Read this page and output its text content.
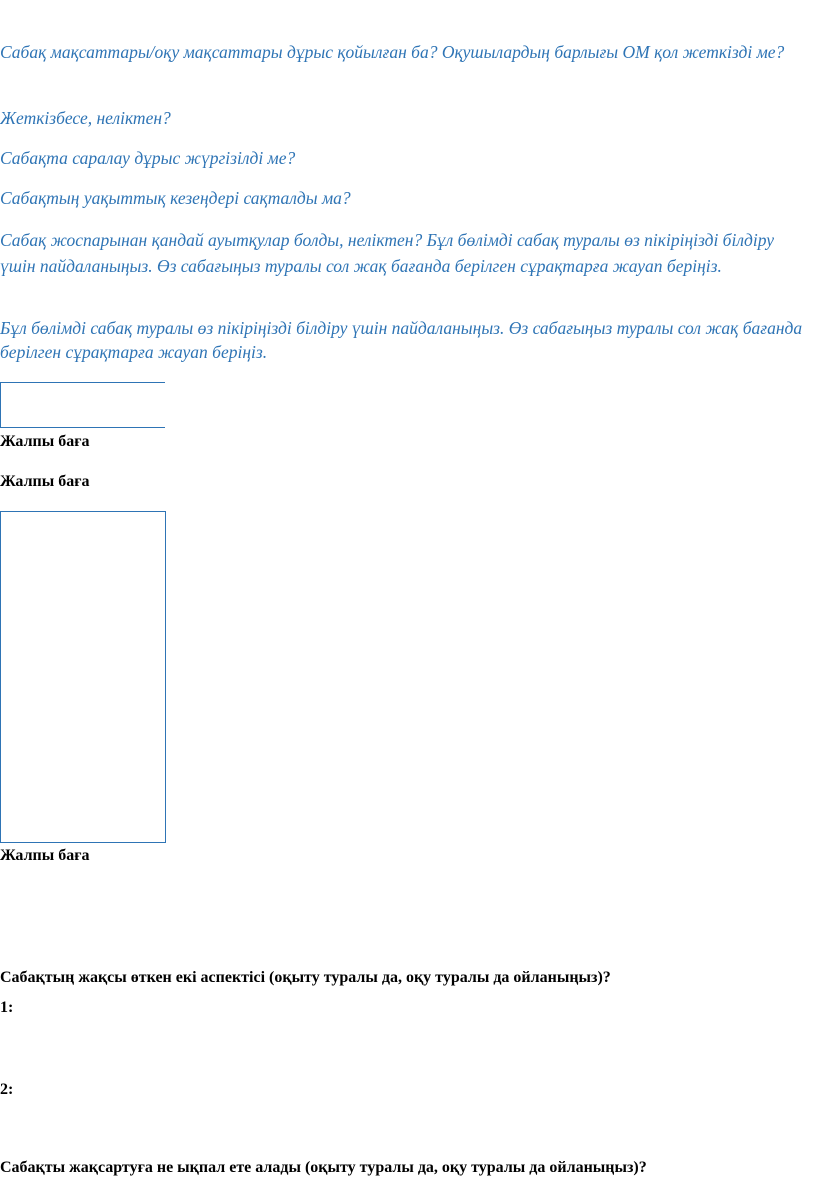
Сабақ мақсаттары/оқу мақсаттары дұрыс қойылған ба? Оқушылардың барлығы ОМ қол жеткізді ме?

Жеткізбесе, неліктен?

Сабақта саралау дұрыс жүргізілді ме?

Сабақтың уақыттық кезеңдері сақталды ма?

Сабақ жоспарынан қандай ауытқулар болды, неліктен? Бұл бөлімді сабақ туралы өз пікіріңізді білдіру үшін пайдаланыңыз. Өз сабағыңыз туралы сол жақ бағанда берілген сұрақтарға жауап беріңіз.

Бұл бөлімді сабақ туралы өз пікіріңізді білдіру үшін пайдаланыңыз. Өз сабағыңыз туралы сол жақ бағанда берілген сұрақтарға жауап беріңіз.

Жалпы баға

Жалпы баға

Жалпы баға

Сабақтың жақсы өткен екі аспектісі (оқыту туралы да, оқу туралы да ойланыңыз)?

1:

2:

Сабақты жақсартуға не ықпал ете алады (оқыту туралы да, оқу туралы да ойланыңыз)?
